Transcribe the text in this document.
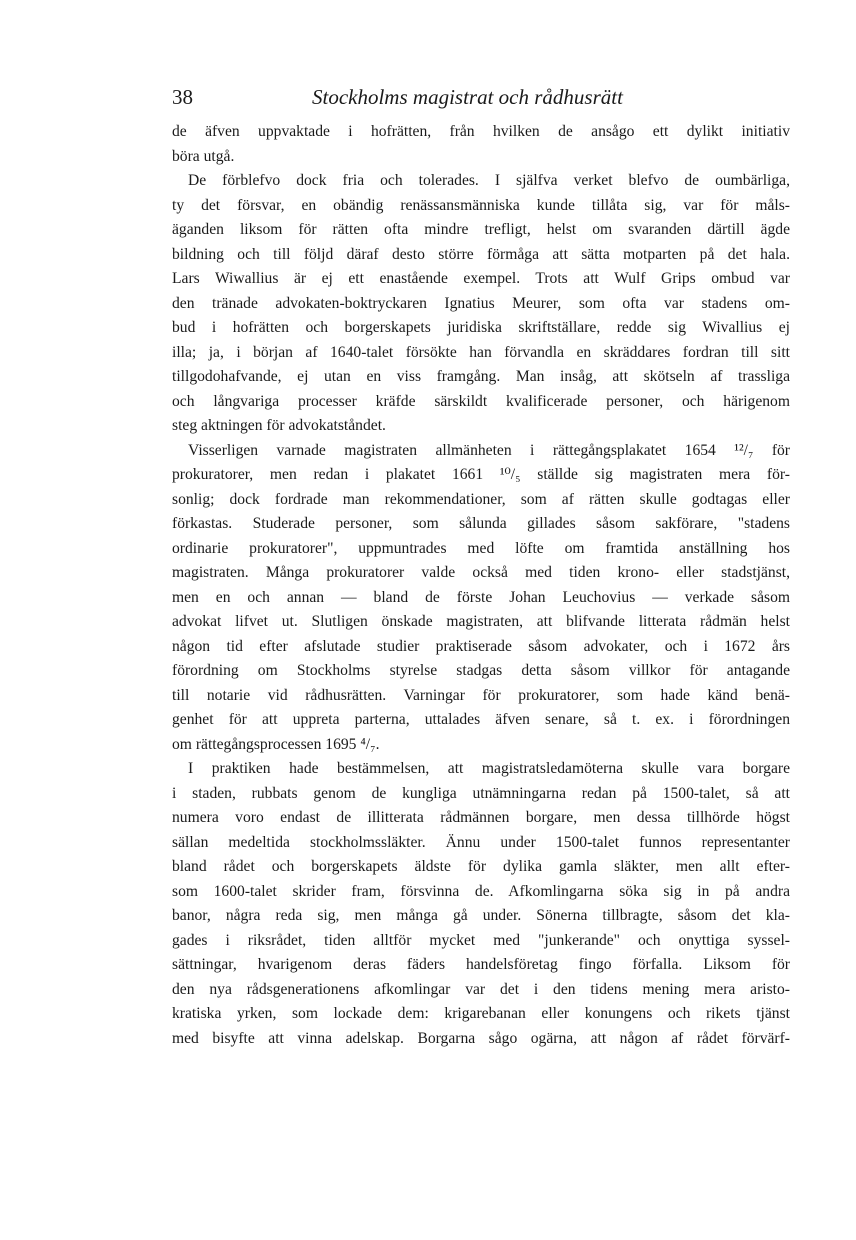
38	Stockholms magistrat och rådhusrätt
de äfven uppvaktade i hofrätten, från hvilken de ansågo ett dylikt initiativ
böra utgå.
De förblefvo dock fria och tolerades. I själfva verket blefvo de oumbärliga,
ty det försvar, en obändig renässansmänniska kunde tillåta sig, var för måls-
äganden liksom för rätten ofta mindre trefligt, helst om svaranden därtill ägde
bildning och till följd däraf desto större förmåga att sätta motparten på det hala.
Lars Wiwallius är ej ett enastående exempel. Trots att Wulf Grips ombud var
den tränade advokaten-boktryckaren Ignatius Meurer, som ofta var stadens om-
bud i hofrätten och borgerskapets juridiska skriftställare, redde sig Wivallius ej
illa; ja, i början af 1640-talet försökte han förvandla en skräddares fordran till sitt
tillgodohafvande, ej utan en viss framgång. Man insåg, att skötseln af trassliga
och långvariga processer kräfde särskildt kvalificerade personer, och härigenom
steg aktningen för advokatståndet.
Visserligen varnade magistraten allmänheten i rättegångsplakatet 1654 ¹²/₇ för
prokuratorer, men redan i plakatet 1661 ¹⁰/₅ ställde sig magistraten mera för-
sonlig; dock fordrade man rekommendationer, som af rätten skulle godtagas eller
förkastas. Studerade personer, som sålunda gillades såsom sakförare, "stadens
ordinarie prokuratorer", uppmuntrades med löfte om framtida anställning hos
magistraten. Många prokuratorer valde också med tiden krono- eller stadstjänst,
men en och annan — bland de förste Johan Leuchovius — verkade såsom
advokat lifvet ut. Slutligen önskade magistraten, att blifvande litterata rådmän helst
någon tid efter afslutade studier praktiserade såsom advokater, och i 1672 års
förordning om Stockholms styrelse stadgas detta såsom villkor för antagande
till notarie vid rådhusrätten. Varningar för prokuratorer, som hade känd benä-
genhet för att uppreta parterna, uttalades äfven senare, så t. ex. i förordningen
om rättegångsprocessen 1695 ⁴/₇.
I praktiken hade bestämmelsen, att magistratsledamöterna skulle vara borgare
i staden, rubbats genom de kungliga utnämningarna redan på 1500-talet, så att
numera voro endast de illitterata rådmännen borgare, men dessa tillhörde högst
sällan medeltida stockholmssläkter. Ännu under 1500-talet funnos representanter
bland rådet och borgerskapets äldste för dylika gamla släkter, men allt efter-
som 1600-talet skrider fram, försvinna de. Afkomlingarna söka sig in på andra
banor, några reda sig, men många gå under. Sönerna tillbragte, såsom det kla-
gades i riksrådet, tiden alltför mycket med "junkerande" och onyttiga syssel-
sättningar, hvarigenom deras fäders handelsföretag fingo förfalla. Liksom för
den nya rådsgenerationens afkomlingar var det i den tidens mening mera aristo-
kratiska yrken, som lockade dem: krigarebanan eller konungens och rikets tjänst
med bisyfte att vinna adelskap. Borgarna sågo ogärna, att någon af rådet förvärf-
